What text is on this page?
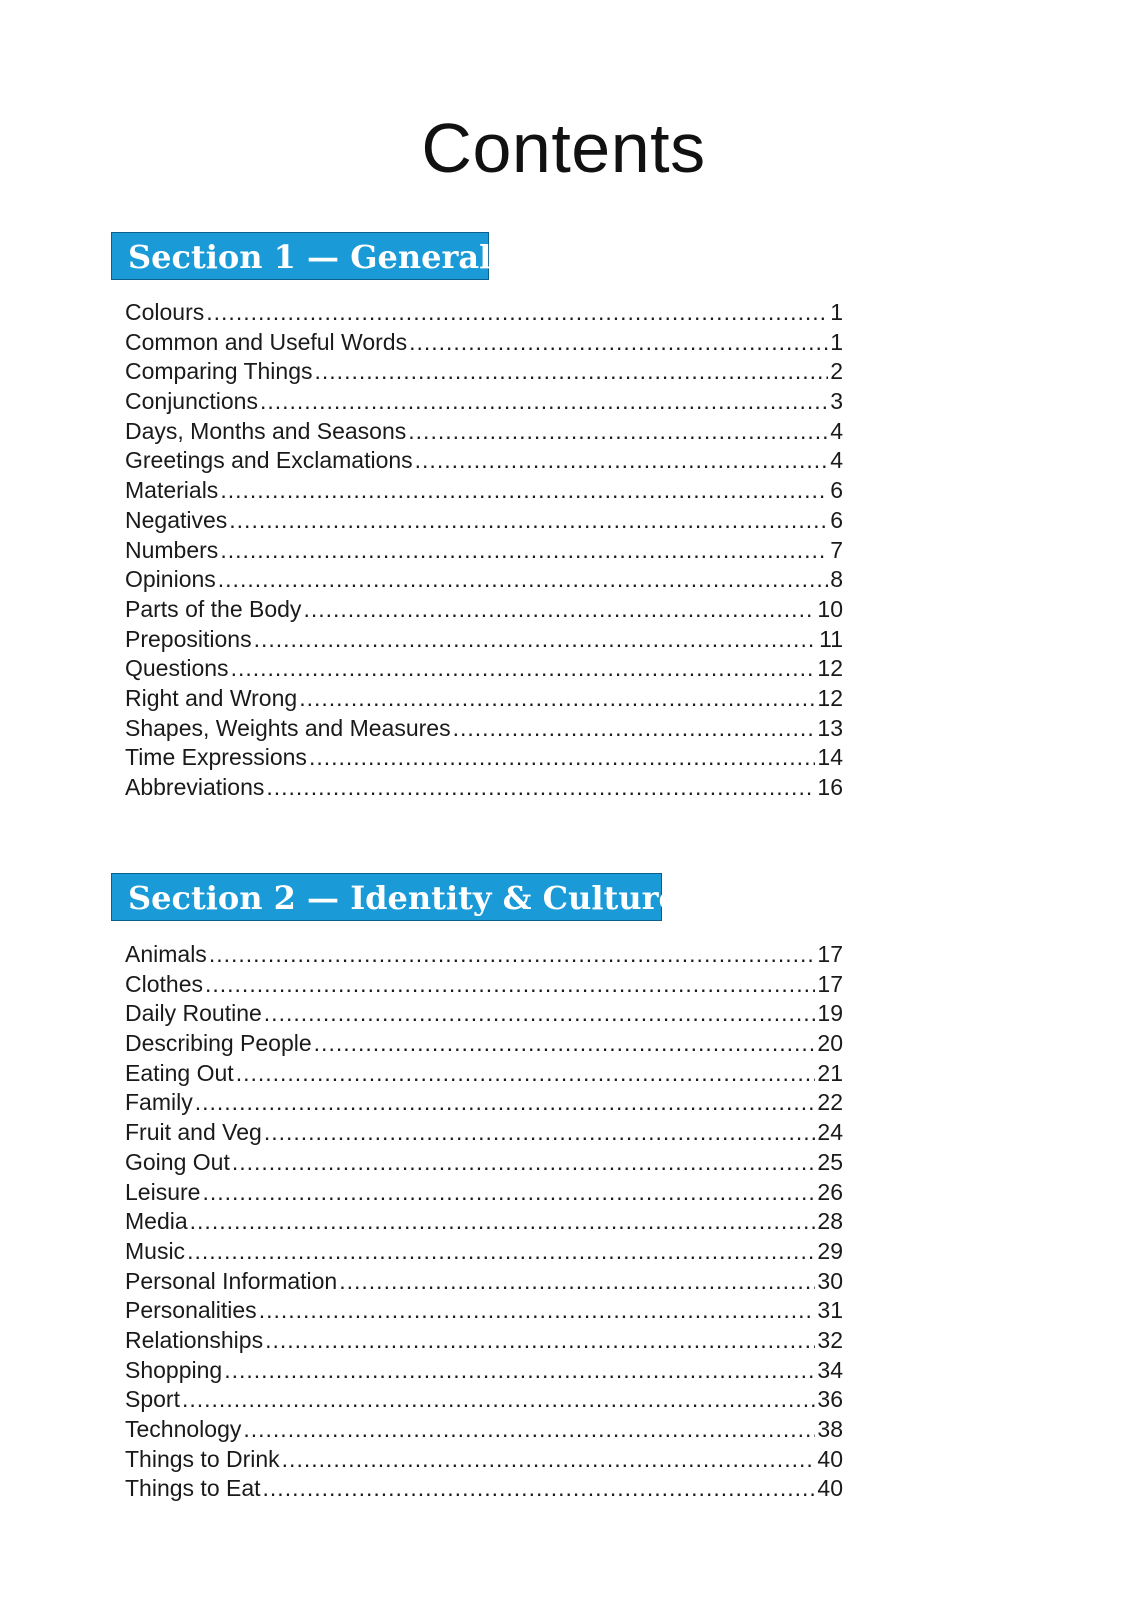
Contents
Section 1 — General
Colours .....	1
Common and Useful Words .....	1
Comparing Things .....	2
Conjunctions .....	3
Days, Months and Seasons .....	4
Greetings and Exclamations .....	4
Materials .....	6
Negatives .....	6
Numbers .....	7
Opinions .....	8
Parts of the Body .....	10
Prepositions .....	11
Questions .....	12
Right and Wrong .....	12
Shapes, Weights and Measures .....	13
Time Expressions .....	14
Abbreviations .....	16
Section 2 — Identity & Culture
Animals .....	17
Clothes .....	17
Daily Routine .....	19
Describing People .....	20
Eating Out .....	21
Family .....	22
Fruit and Veg .....	24
Going Out .....	25
Leisure .....	26
Media .....	28
Music .....	29
Personal Information .....	30
Personalities .....	31
Relationships .....	32
Shopping .....	34
Sport .....	36
Technology .....	38
Things to Drink .....	40
Things to Eat .....	40
